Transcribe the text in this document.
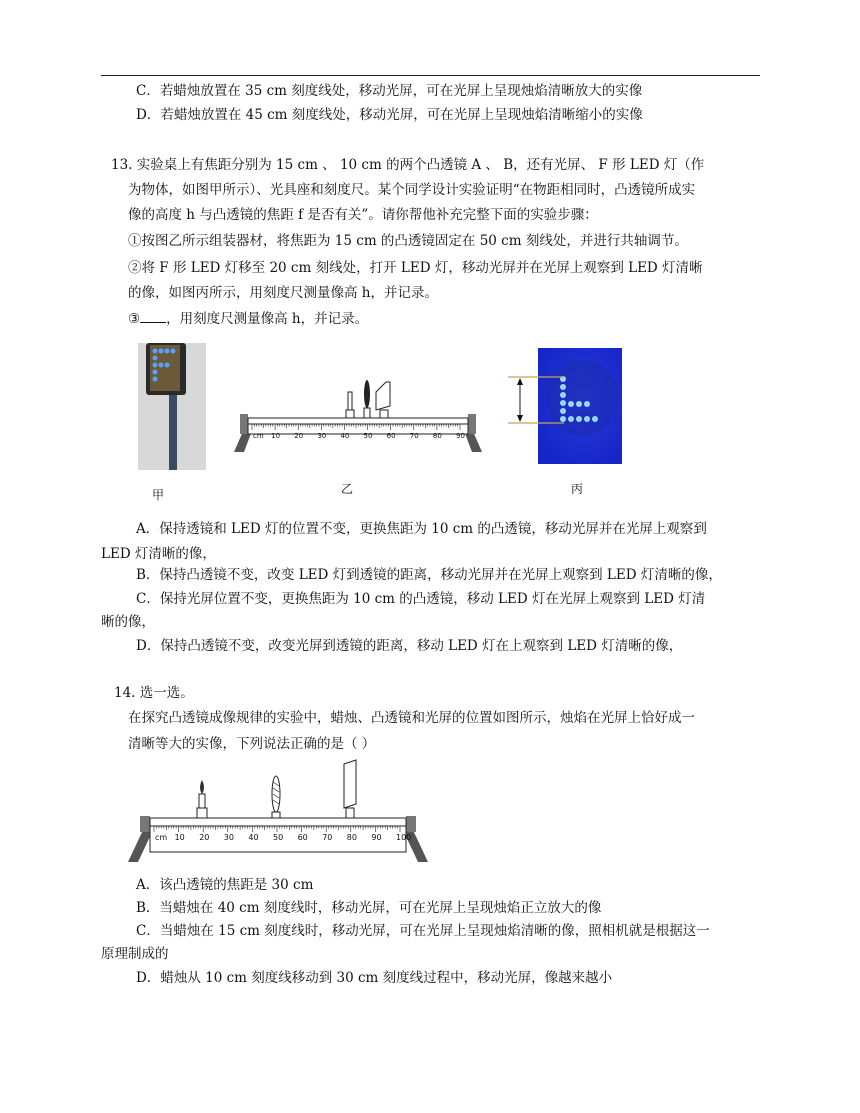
C．若蜡烛放置在 35 cm 刻度线处，移动光屏，可在光屏上呈现烛焰清晰放大的实像
D．若蜡烛放置在 45 cm 刻度线处，移动光屏，可在光屏上呈现烛焰清晰缩小的实像
13. 实验桌上有焦距分别为 15 cm 、 10 cm 的两个凸透镜 A 、 B，还有光屏、 F 形 LED 灯（作
为物体，如图甲所示）、光具座和刻度尺。某个同学设计实验证明“在物距相同时，凸透镜所成实
像的高度 h 与凸透镜的焦距 f 是否有关”。请你帮他补充完整下面的实验步骤：
①按图乙所示组装器材，将焦距为 15 cm 的凸透镜固定在 50 cm 刻线处，并进行共轴调节。
②将 F 形 LED 灯移至 20 cm 刻线处，打开 LED 灯，移动光屏并在光屏上观察到 LED 灯清晰
的像，如图丙所示，用刻度尺测量像高 h，并记录。
③ ，用刻度尺测量像高 h，并记录。
甲
cm 10 20 30 40 50 60 70 80 90
乙	丙
A．保持透镜和 LED 灯的位置不变，更换焦距为 10 cm 的凸透镜，移动光屏并在光屏上观察到
LED 灯清晰的像，
B．保持凸透镜不变，改变 LED 灯到透镜的距离，移动光屏并在光屏上观察到 LED 灯清晰的像，
C．保持光屏位置不变，更换焦距为 10 cm 的凸透镜，移动 LED 灯在光屏上观察到 LED 灯清
晰的像，
D．保持凸透镜不变，改变光屏到透镜的距离，移动 LED 灯在上观察到 LED 灯清晰的像，
14. 选一选。
在探究凸透镜成像规律的实验中，蜡烛、凸透镜和光屏的位置如图所示，烛焰在光屏上恰好成一
清晰等大的实像，下列说法正确的是（ ）
cm 10 20 30 40 50 60 70 80 90 100
A．该凸透镜的焦距是 30 cm
B．当蜡烛在 40 cm 刻度线时，移动光屏，可在光屏上呈现烛焰正立放大的像
C．当蜡烛在 15 cm 刻度线时，移动光屏，可在光屏上呈现烛焰清晰的像，照相机就是根据这一
原理制成的
D．蜡烛从 10 cm 刻度线移动到 30 cm 刻度线过程中，移动光屏，像越来越小
